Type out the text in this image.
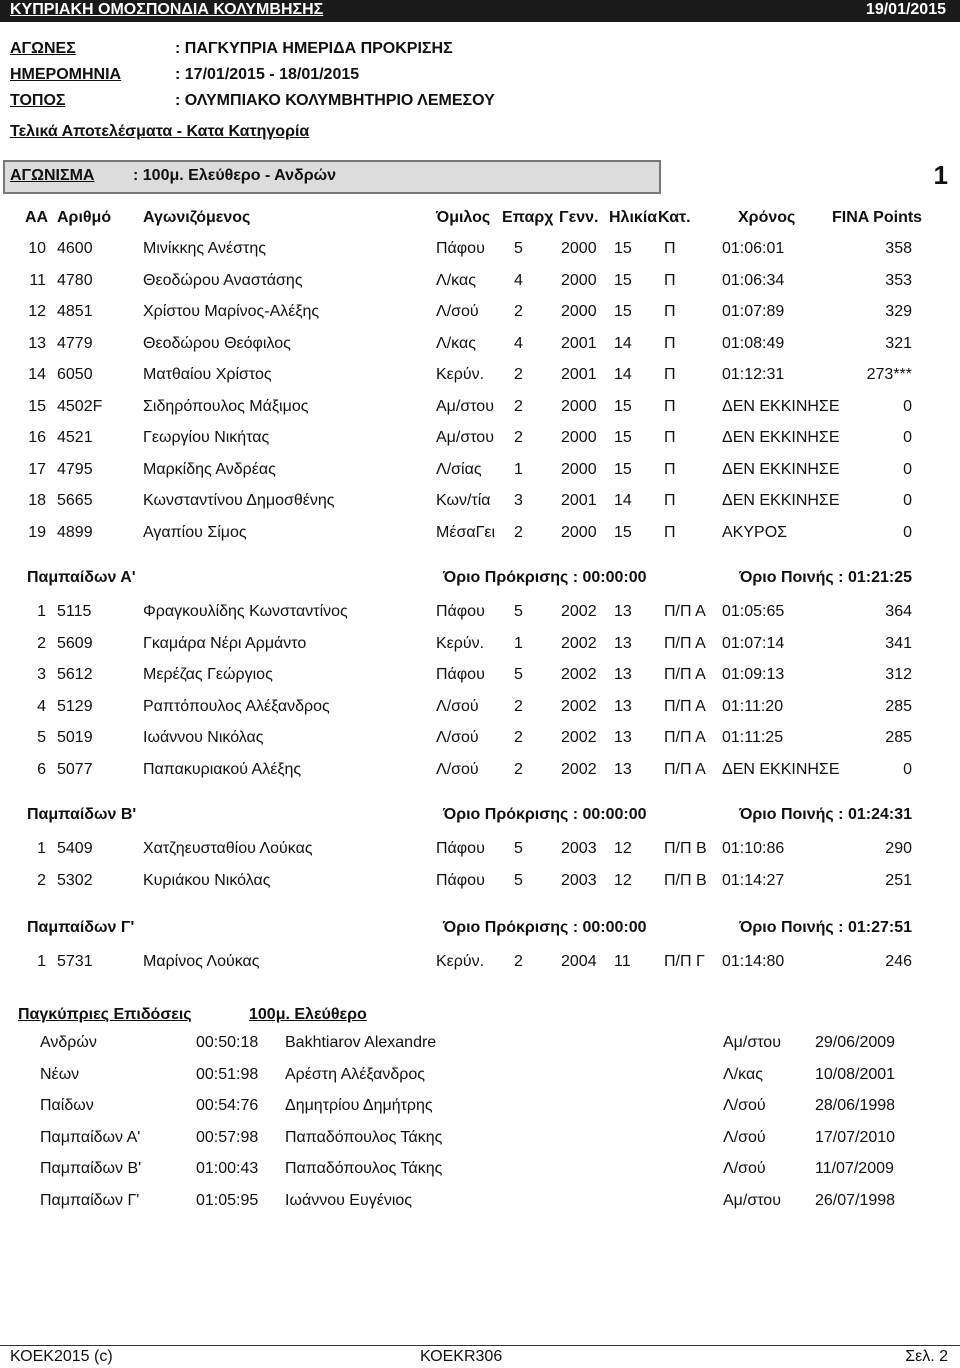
ΚΥΠΡΙΑΚΗ ΟΜΟΣΠΟΝΔΙΑ ΚΟΛΥΜΒΗΣΗΣ	19/01/2015
ΑΓΩΝΕΣ	: ΠΑΓΚΥΠΡΙΑ ΗΜΕΡΙΔΑ ΠΡΟΚΡΙΣΗΣ
ΗΜΕΡΟΜΗΝΙΑ	: 17/01/2015 - 18/01/2015
ΤΟΠΟΣ	: ΟΛΥΜΠΙΑΚΟ ΚΟΛΥΜΒΗΤΗΡΙΟ ΛΕΜΕΣΟΥ
Τελικά Αποτελέσματα - Κατα Κατηγορία
ΑΓΩΝΙΣΜΑ : 100μ. Ελεύθερο - Ανδρών	1
ΑΑ Αριθμό Αγωνιζόμενος	Όμιλος Επαρχ Γενν. Ηλικία Κατ.	Χρόνος FINA Points
10 4600	Μινίκκης Ανέστης	Πάφου 5 2000 15 Π	01:06:01	358
11 4780	Θεοδώρου Αναστάσης	Λ/κας 4 2000 15 Π	01:06:34	353
12 4851	Χρίστου Μαρίνος-Αλέξης	Λ/σού 2 2000 15 Π	01:07:89	329
13 4779	Θεοδώρου Θεόφιλος	Λ/κας 4 2001 14 Π	01:08:49	321
14 6050	Ματθαίου Χρίστος	Κερύν. 2 2001 14 Π	01:12:31	273***
15 4502F	Σιδηρόπουλος Μάξιμος	Αμ/στου 2 2000 15 Π	ΔΕΝ ΕΚΚΙΝΗΣΕ	0
16 4521	Γεωργίου Νικήτας	Αμ/στου 2 2000 15 Π	ΔΕΝ ΕΚΚΙΝΗΣΕ	0
17 4795	Μαρκίδης Ανδρέας	Λ/σίας 1 2000 15 Π	ΔΕΝ ΕΚΚΙΝΗΣΕ	0
18 5665	Κωνσταντίνου Δημοσθένης	Κων/τία 3 2001 14 Π	ΔΕΝ ΕΚΚΙΝΗΣΕ	0
19 4899	Αγαπίου Σίμος	ΜέσαΓει 2 2000 15 Π	ΑΚΥΡΟΣ	0
Παμπαίδων Α'	Όριο Πρόκρισης : 00:00:00	Όριο Ποινής : 01:21:25
1 5115	Φραγκουλίδης Κωνσταντίνος	Πάφου 5 2002 13 Π/Π Α 01:05:65	364
2 5609	Γκαμάρα Νέρι Αρμάντο	Κερύν. 1 2002 13 Π/Π Α 01:07:14	341
3 5612	Μερέζας Γεώργιος	Πάφου 5 2002 13 Π/Π Α 01:09:13	312
4 5129	Ραπτόπουλος Αλέξανδρος	Λ/σού 2 2002 13 Π/Π Α 01:11:20	285
5 5019	Ιωάννου Νικόλας	Λ/σού 2 2002 13 Π/Π Α 01:11:25	285
6 5077	Παπακυριακού Αλέξης	Λ/σού 2 2002 13 Π/Π Α ΔΕΝ ΕΚΚΙΝΗΣΕ	0
Παμπαίδων Β'	Όριο Πρόκρισης : 00:00:00	Όριο Ποινής : 01:24:31
1 5409	Χατζηευσταθίου Λούκας	Πάφου 5 2003 12 Π/Π Β 01:10:86	290
2 5302	Κυριάκου Νικόλας	Πάφου 5 2003 12 Π/Π Β 01:14:27	251
Παμπαίδων Γ'	Όριο Πρόκρισης : 00:00:00	Όριο Ποινής : 01:27:51
1 5731	Μαρίνος Λούκας	Κερύν. 2 2004 11 Π/Π Γ 01:14:80	246
Παγκύπριες Επιδόσεις	100μ. Ελεύθερο
Ανδρών	00:50:18 Bakhtiarov Alexandre	Αμ/στου 29/06/2009
Νέων	00:51:98 Αρέστη Αλέξανδρος	Λ/κας	10/08/2001
Παίδων	00:54:76 Δημητρίου Δημήτρης	Λ/σού	28/06/1998
Παμπαίδων Α'	00:57:98 Παπαδόπουλος Τάκης	Λ/σού	17/07/2010
Παμπαίδων Β'	01:00:43 Παπαδόπουλος Τάκης	Λ/σού	11/07/2009
Παμπαίδων Γ'	01:05:95 Ιωάννου Ευγένιος	Αμ/στου 26/07/1998
ΚΟΕΚ2015 (c)	ΚΟΕΚR306	Σελ. 2
